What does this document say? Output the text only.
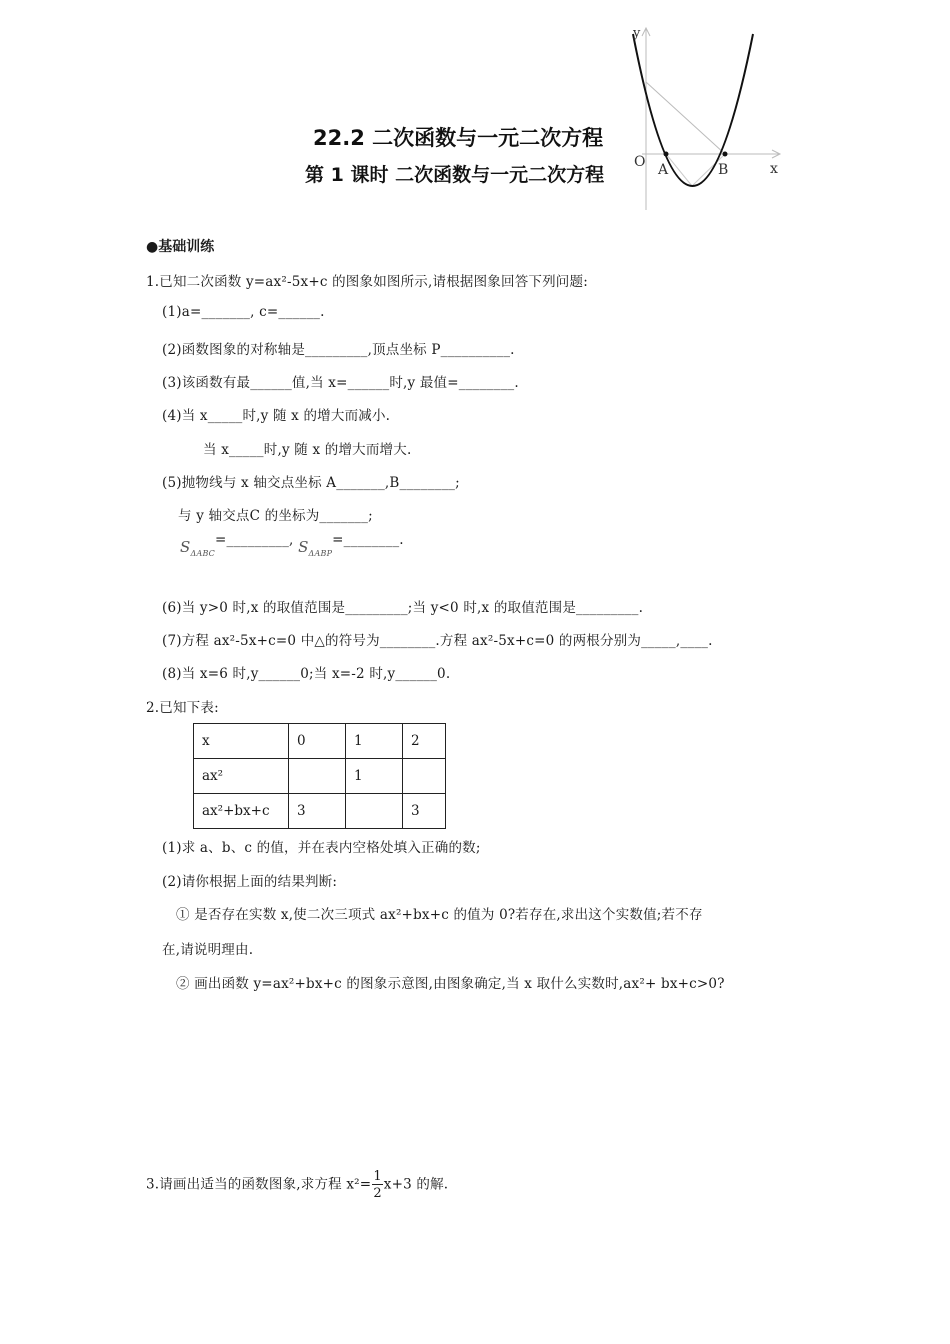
y
x
O A	B
22.2 二次函数与一元二次方程
第 1 课时 二次函数与一元二次方程
●基础训练
1.已知二次函数 y=ax²-5x+c 的图象如图所示,请根据图象回答下列问题:
(1)a=_______, c=______.
(2)函数图象的对称轴是_________,顶点坐标 P__________.
(3)该函数有最______值,当 x=______时,y 最值=________.
(4)当 x_____时,y 随 x 的增大而减小.
当 x_____时,y 随 x 的增大而增大.
(5)抛物线与 x 轴交点坐标 A_______,B________;
与 y 轴交点C 的坐标为_______;
$S_{\Delta ABC}=\_\_\_\_\_\_\_\_\_$, $S_{\Delta ABP}=\_\_\_\_\_\_\_\_$.
(6)当 y>0 时,x 的取值范围是_________;当 y<0 时,x 的取值范围是_________.
(7)方程 ax²-5x+c=0 中△的符号为________.方程 ax²-5x+c=0 的两根分别为_____,____.
(8)当 x=6 时,y______0;当 x=-2 时,y______0.
2.已知下表:
x	0	1	2
ax²		1	
ax²+bx+c	3		3
(1)求 a、b、c 的值，并在表内空格处填入正确的数;
(2)请你根据上面的结果判断:
① 是否存在实数 x,使二次三项式 ax²+bx+c 的值为 0?若存在,求出这个实数值;若不存
在,请说明理由.
② 画出函数 y=ax²+bx+c 的图象示意图,由图象确定,当 x 取什么实数时,ax²+ bx+c>0?
3.请画出适当的函数图象,求方程 $x^2= \frac{1}{2} x+3$ 的解.
